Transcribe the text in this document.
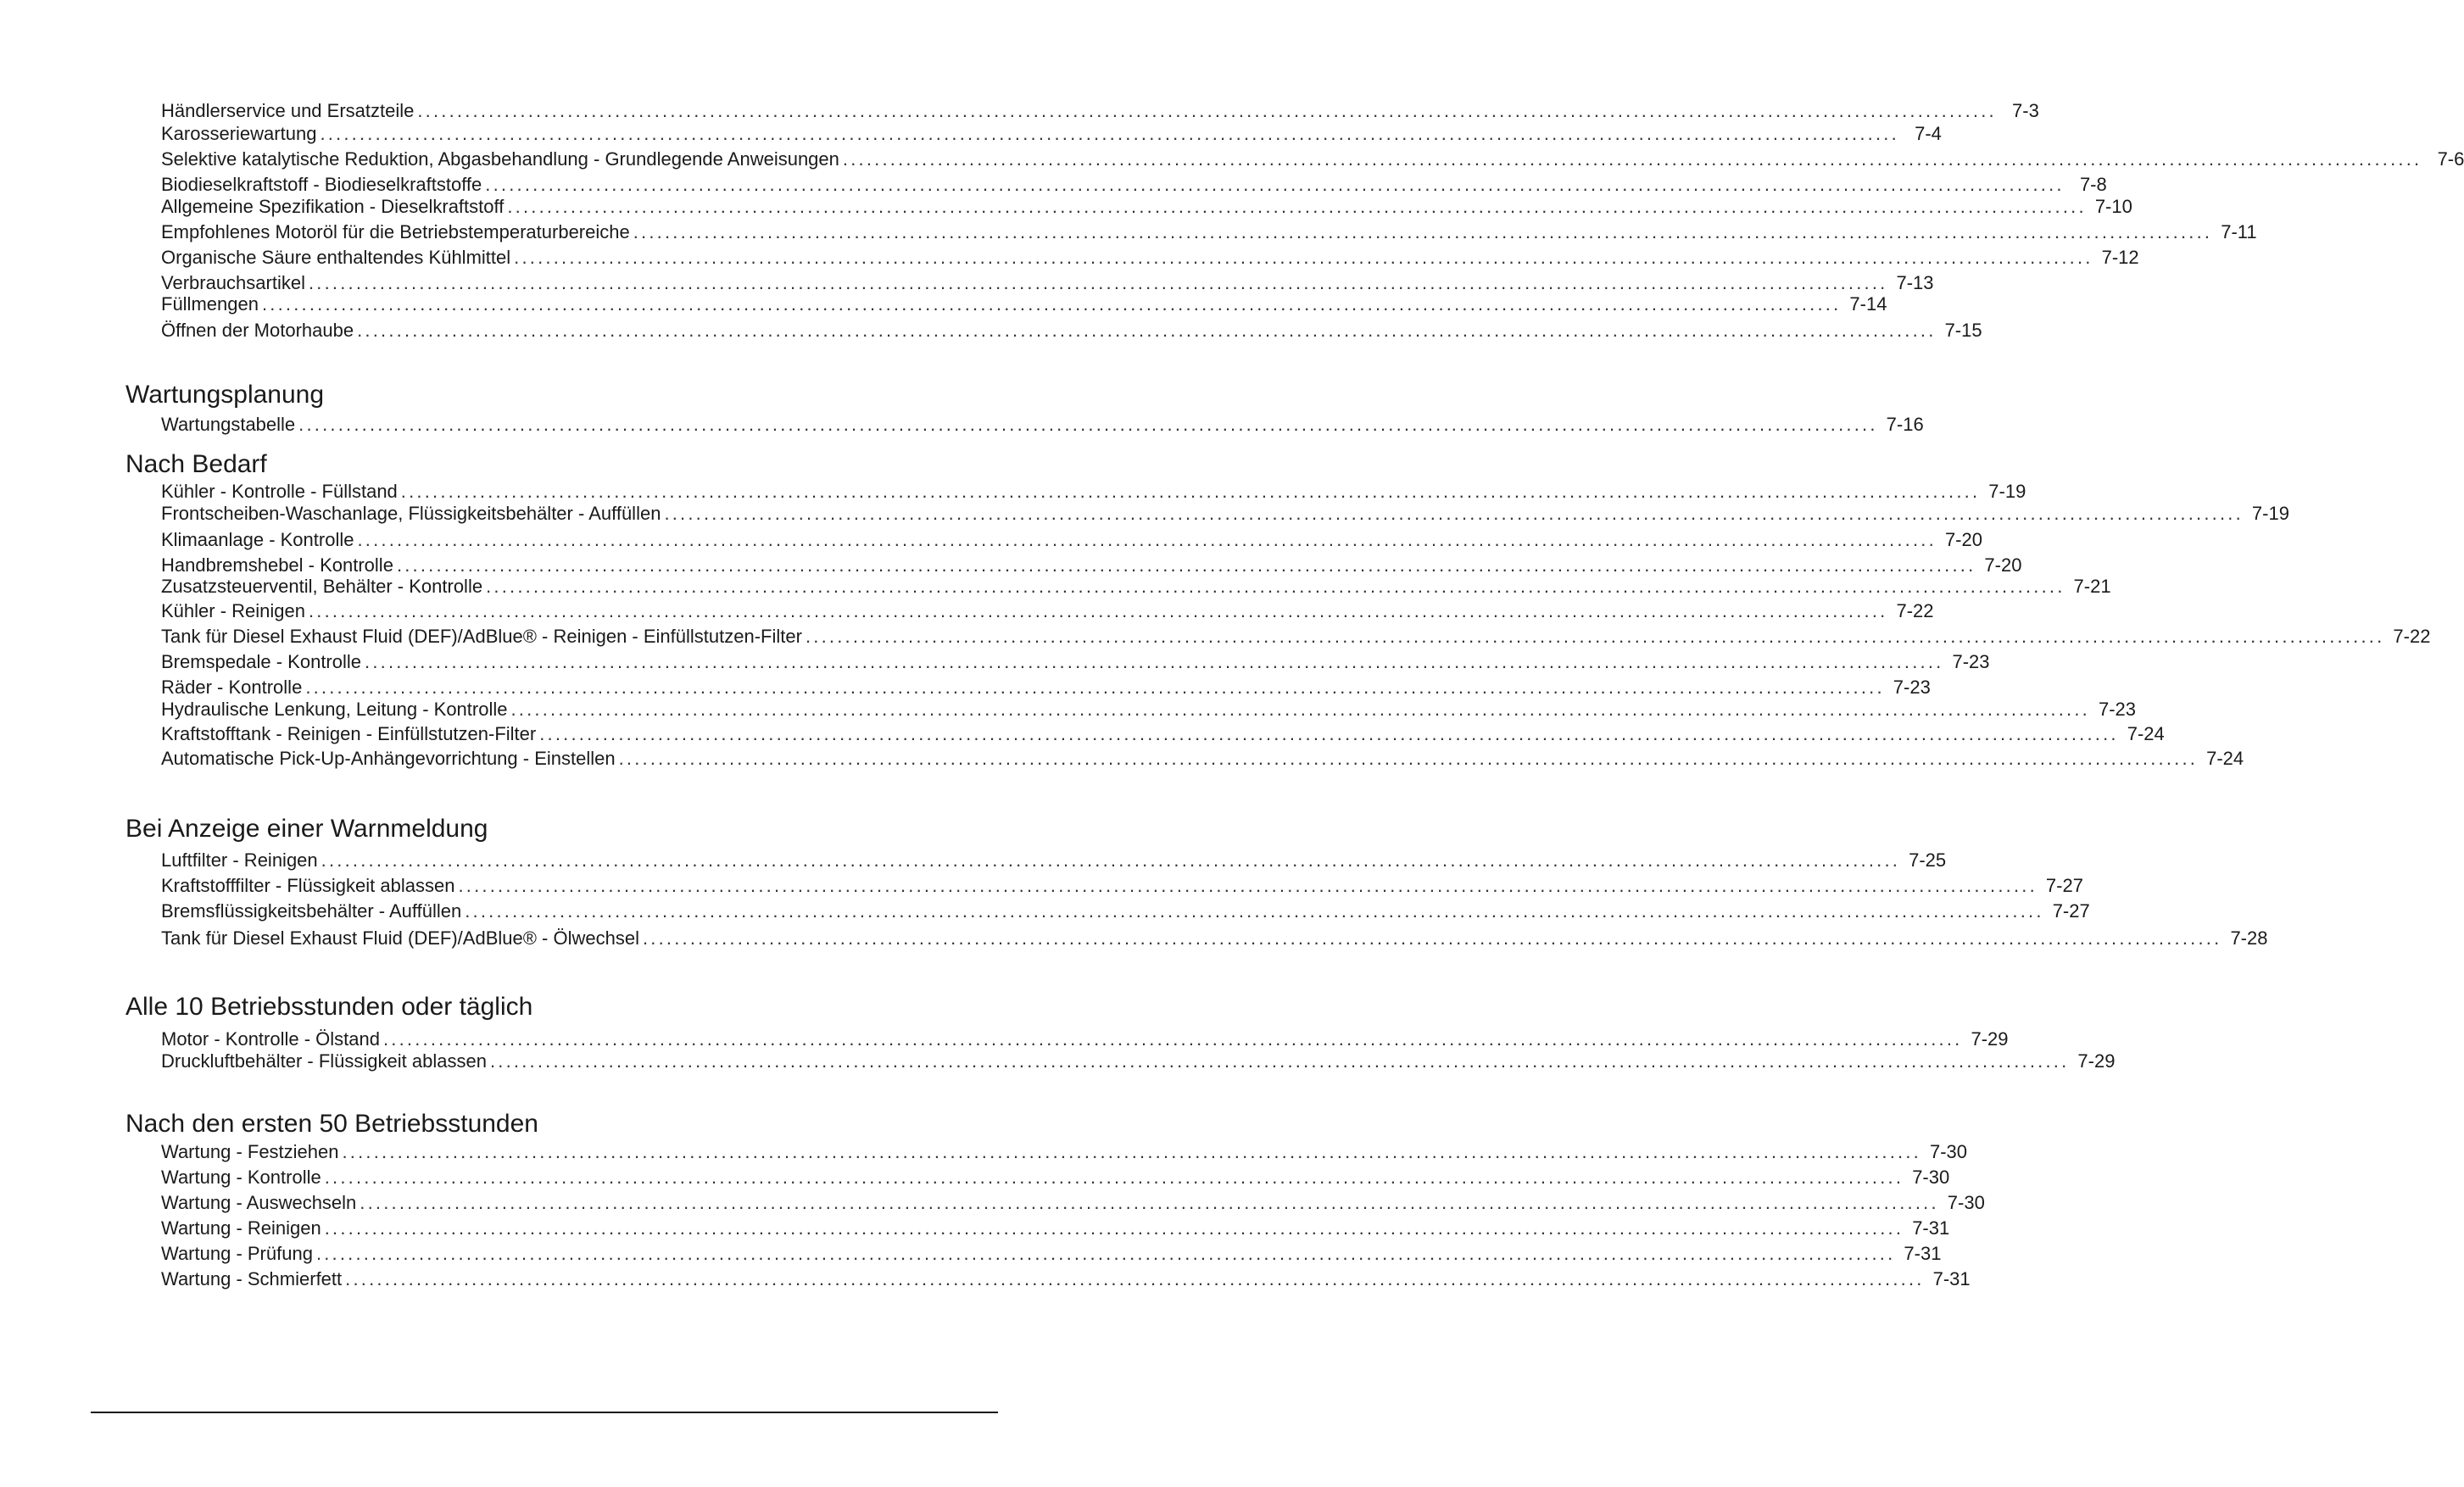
Händlerservice und Ersatzteile ........................................................................................................................................................................................................ 7-3
Karosseriewartung ........................................................................................................................................................................................................ 7-4
Selektive katalytische Reduktion, Abgasbehandlung - Grundlegende Anweisungen ........................................................................................................................................................................................................ 7-6
Biodieselkraftstoff - Biodieselkraftstoffe ........................................................................................................................................................................................................ 7-8
Allgemeine Spezifikation - Dieselkraftstoff ........................................................................................................................................................................................................ 7-10
Empfohlenes Motoröl für die Betriebstemperaturbereiche ........................................................................................................................................................................................................ 7-11
Organische Säure enthaltendes Kühlmittel ........................................................................................................................................................................................................ 7-12
Verbrauchsartikel ........................................................................................................................................................................................................ 7-13
Füllmengen ........................................................................................................................................................................................................ 7-14
Öffnen der Motorhaube ........................................................................................................................................................................................................ 7-15
Wartungsplanung
Wartungstabelle ........................................................................................................................................................................................................ 7-16
Nach Bedarf
Kühler - Kontrolle - Füllstand ........................................................................................................................................................................................................ 7-19
Frontscheiben-Waschanlage, Flüssigkeitsbehälter - Auffüllen ........................................................................................................................................................................................................ 7-19
Klimaanlage - Kontrolle ........................................................................................................................................................................................................ 7-20
Handbremshebel - Kontrolle ........................................................................................................................................................................................................ 7-20
Zusatzsteuerventil, Behälter - Kontrolle ........................................................................................................................................................................................................ 7-21
Kühler - Reinigen ........................................................................................................................................................................................................ 7-22
Tank für Diesel Exhaust Fluid (DEF)/AdBlue® - Reinigen - Einfüllstutzen-Filter ........................................................................................................................................................................................................ 7-22
Bremspedale - Kontrolle ........................................................................................................................................................................................................ 7-23
Räder - Kontrolle ........................................................................................................................................................................................................ 7-23
Hydraulische Lenkung, Leitung - Kontrolle ........................................................................................................................................................................................................ 7-23
Kraftstofftank - Reinigen - Einfüllstutzen-Filter ........................................................................................................................................................................................................ 7-24
Automatische Pick-Up-Anhängevorrichtung - Einstellen ........................................................................................................................................................................................................ 7-24
Bei Anzeige einer Warnmeldung
Luftfilter - Reinigen ........................................................................................................................................................................................................ 7-25
Kraftstofffilter - Flüssigkeit ablassen ........................................................................................................................................................................................................ 7-27
Bremsflüssigkeitsbehälter - Auffüllen ........................................................................................................................................................................................................ 7-27
Tank für Diesel Exhaust Fluid (DEF)/AdBlue® - Ölwechsel ........................................................................................................................................................................................................ 7-28
Alle 10 Betriebsstunden oder täglich
Motor - Kontrolle - Ölstand ........................................................................................................................................................................................................ 7-29
Druckluftbehälter - Flüssigkeit ablassen ........................................................................................................................................................................................................ 7-29
Nach den ersten 50 Betriebsstunden
Wartung - Festziehen ........................................................................................................................................................................................................ 7-30
Wartung - Kontrolle ........................................................................................................................................................................................................ 7-30
Wartung - Auswechseln ........................................................................................................................................................................................................ 7-30
Wartung - Reinigen ........................................................................................................................................................................................................ 7-31
Wartung - Prüfung ........................................................................................................................................................................................................ 7-31
Wartung - Schmierfett ........................................................................................................................................................................................................ 7-31
